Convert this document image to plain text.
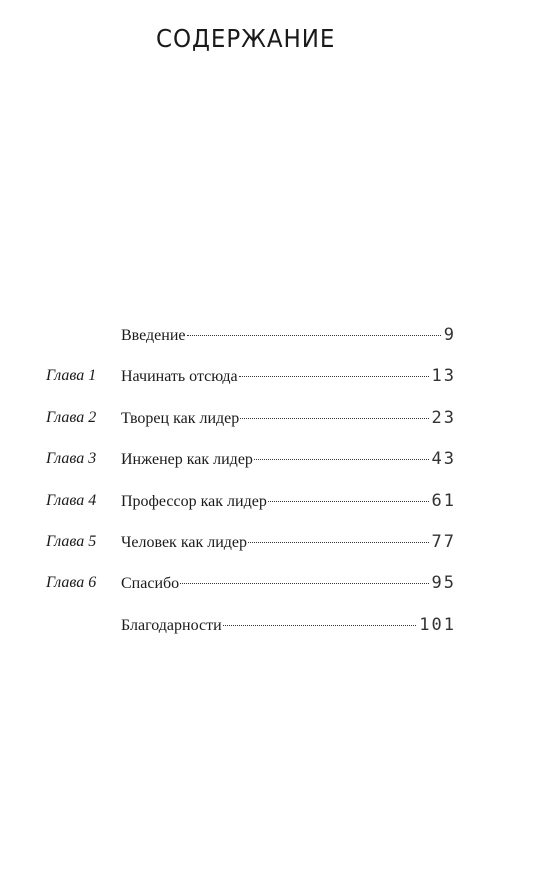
СОДЕРЖАНИЕ
Введение	9
Глава 1 Начинать отсюда	13
Глава 2 Творец как лидер	23
Глава 3 Инженер как лидер	43
Глава 4 Профессор как лидер	61
Глава 5 Человек как лидер	77
Глава 6 Спасибо	95
Благодарности	101
